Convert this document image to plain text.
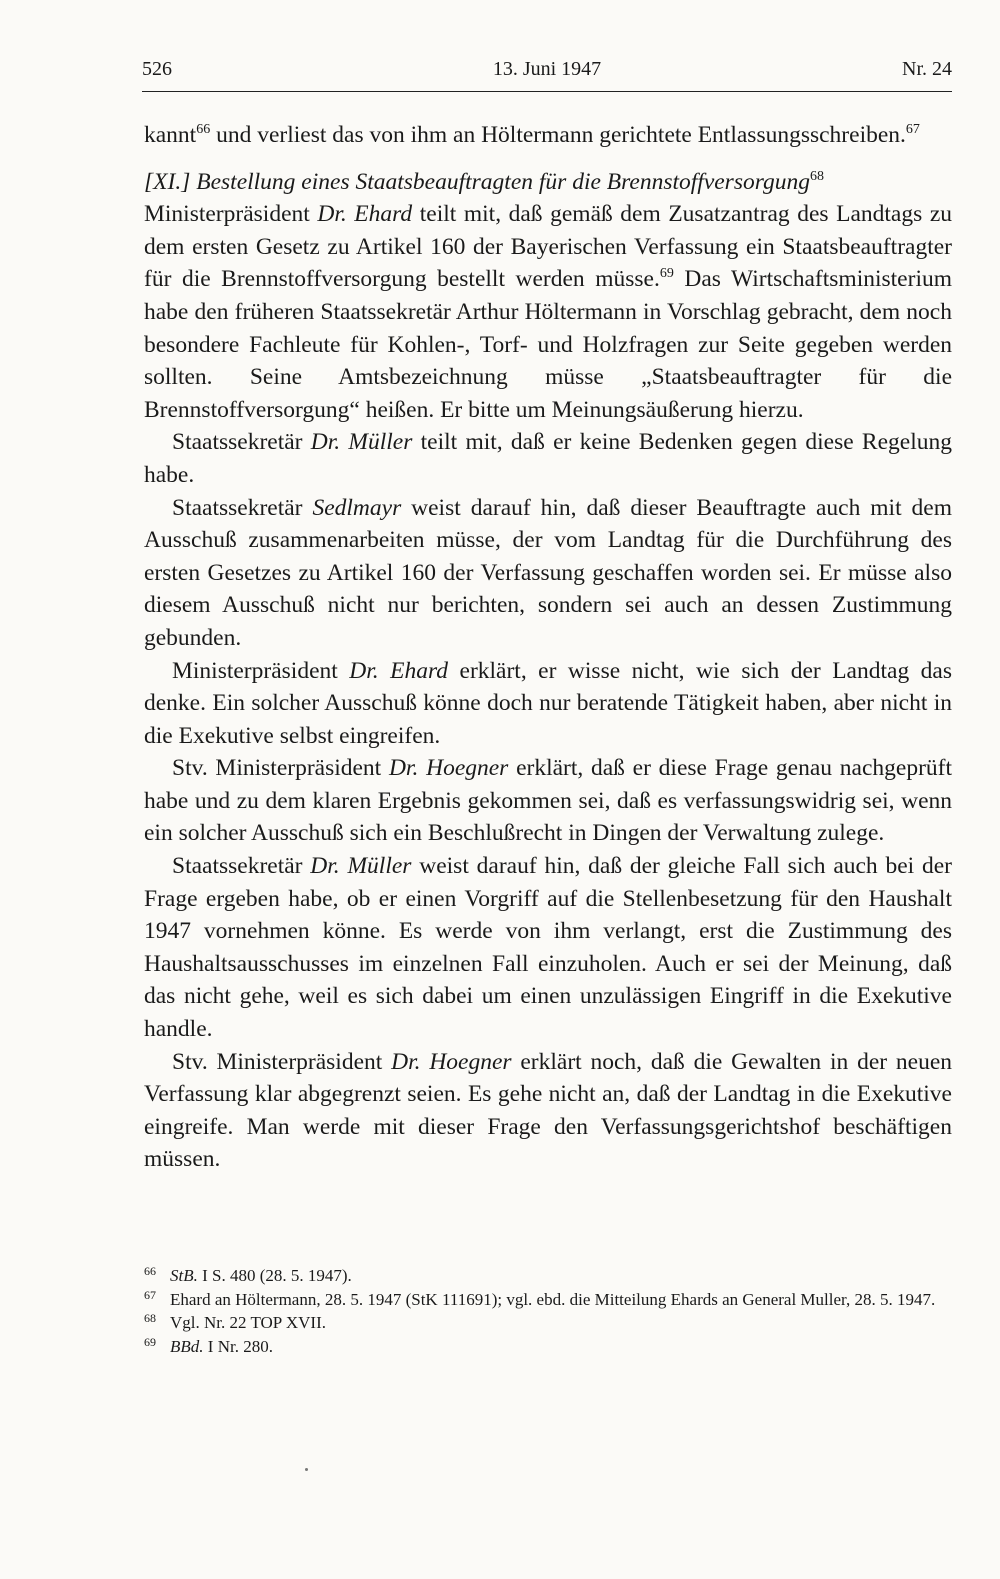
526	13. Juni 1947	Nr. 24

kannt$^{66}$ und verliest das von ihm an Höltermann gerichtete Entlassungsschreiben.$^{67}$

[XI.] Bestellung eines Staatsbeauftragten für die Brennstoffversorgung$^{68}$

Ministerpräsident Dr. Ehard teilt mit, daß gemäß dem Zusatzantrag des Landtags zu dem ersten Gesetz zu Artikel 160 der Bayerischen Verfassung ein Staatsbeauftragter für die Brennstoffversorgung bestellt werden müsse.$^{69}$ Das Wirtschaftsministerium habe den früheren Staatssekretär Arthur Höltermann in Vorschlag gebracht, dem noch besondere Fachleute für Kohlen-, Torf- und Holzfragen zur Seite gegeben werden sollten. Seine Amtsbezeichnung müsse „Staatsbeauftragter für die Brennstoffversorgung“ heißen. Er bitte um Meinungsäußerung hierzu.

Staatssekretär Dr. Müller teilt mit, daß er keine Bedenken gegen diese Regelung habe.

Staatssekretär Sedlmayr weist darauf hin, daß dieser Beauftragte auch mit dem Ausschuß zusammenarbeiten müsse, der vom Landtag für die Durchführung des ersten Gesetzes zu Artikel 160 der Verfassung geschaffen worden sei. Er müsse also diesem Ausschuß nicht nur berichten, sondern sei auch an dessen Zustimmung gebunden.

Ministerpräsident Dr. Ehard erklärt, er wisse nicht, wie sich der Landtag das denke. Ein solcher Ausschuß könne doch nur beratende Tätigkeit haben, aber nicht in die Exekutive selbst eingreifen.

Stv. Ministerpräsident Dr. Hoegner erklärt, daß er diese Frage genau nachgeprüft habe und zu dem klaren Ergebnis gekommen sei, daß es verfassungswidrig sei, wenn ein solcher Ausschuß sich ein Beschlußrecht in Dingen der Verwaltung zulege.

Staatssekretär Dr. Müller weist darauf hin, daß der gleiche Fall sich auch bei der Frage ergeben habe, ob er einen Vorgriff auf die Stellenbesetzung für den Haushalt 1947 vornehmen könne. Es werde von ihm verlangt, erst die Zustimmung des Haushaltsausschusses im einzelnen Fall einzuholen. Auch er sei der Meinung, daß das nicht gehe, weil es sich dabei um einen unzulässigen Eingriff in die Exekutive handle.

Stv. Ministerpräsident Dr. Hoegner erklärt noch, daß die Gewalten in der neuen Verfassung klar abgegrenzt seien. Es gehe nicht an, daß der Landtag in die Exekutive eingreife. Man werde mit dieser Frage den Verfassungsgerichtshof beschäftigen müssen.

66 StB. I S. 480 (28. 5. 1947).

67 Ehard an Höltermann, 28. 5. 1947 (StK 111691); vgl. ebd. die Mitteilung Ehards an General Muller, 28. 5. 1947.

68 Vgl. Nr. 22 TOP XVII.

69 BBd. I Nr. 280.
